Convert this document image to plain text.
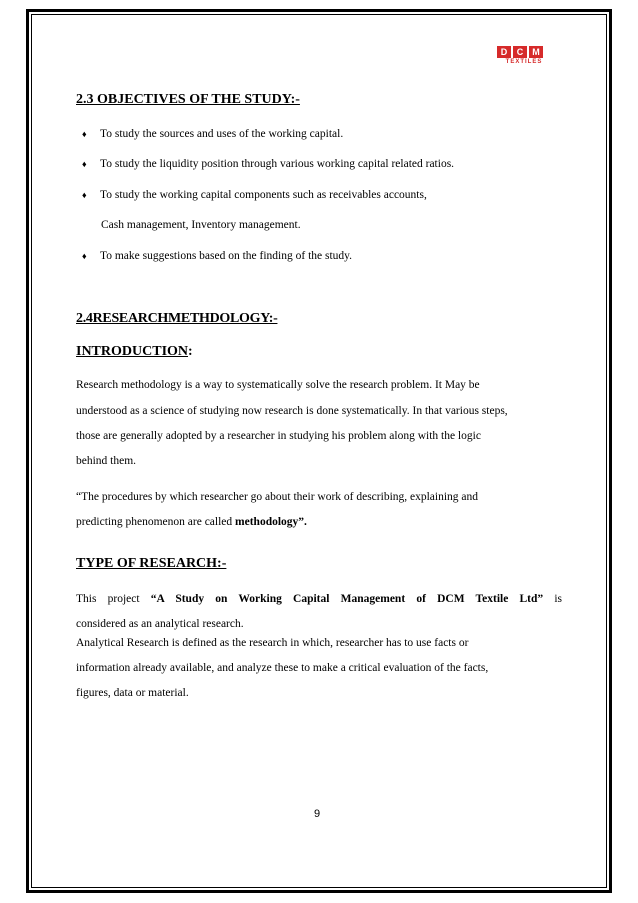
D	C	M
TEXTILES
2.3 OBJECTIVES OF THE STUDY:-
♦ To study the sources and uses of the working capital.
♦ To study the liquidity position through various working capital related ratios.
♦ To study the working capital components such as receivables accounts,
Cash management, Inventory management.
♦ To make suggestions based on the finding of the study.
2.4RESEARCHMETHDOLOGY:-
INTRODUCTION:
Research methodology is a way to systematically solve the research problem. It May be
understood as a science of studying now research is done systematically. In that various steps,
those are generally adopted by a researcher in studying his problem along with the logic
behind them.
“The procedures by which researcher go about their work of describing, explaining and
predicting phenomenon are called methodology”.
TYPE OF RESEARCH:-
This project “A Study on Working Capital Management of DCM Textile Ltd” is
considered as an analytical research.
Analytical Research is defined as the research in which, researcher has to use facts or
information already available, and analyze these to make a critical evaluation of the facts,
figures, data or material.
9
